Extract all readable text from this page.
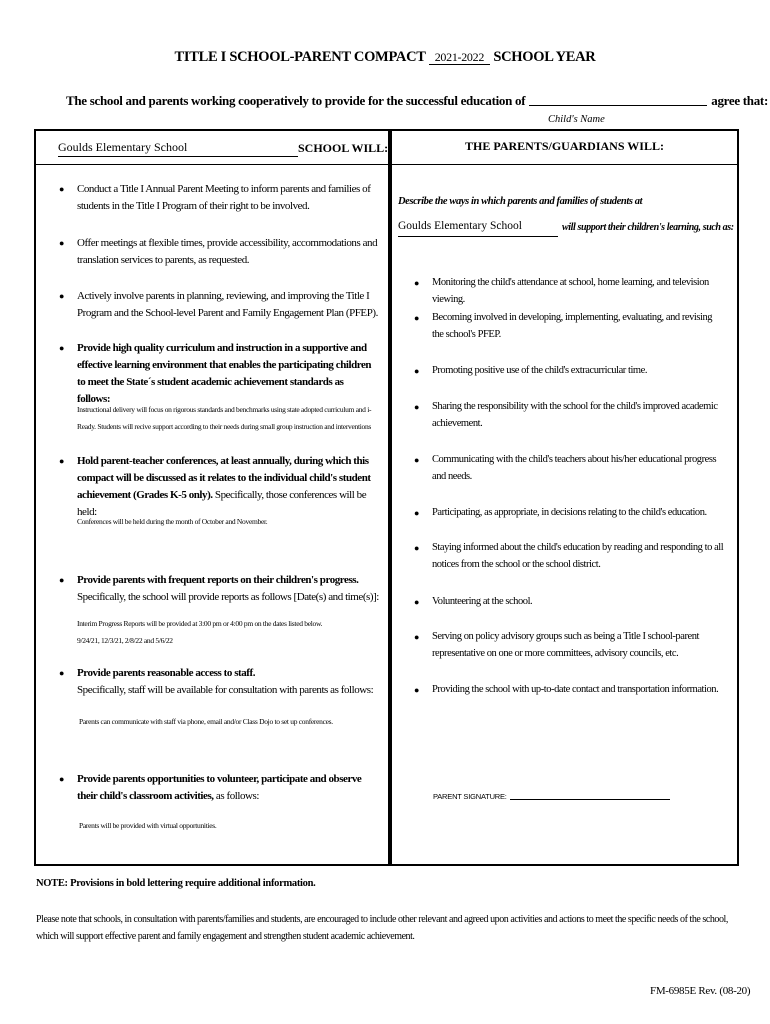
TITLE I SCHOOL-PARENT COMPACT 2021-2022 SCHOOL YEAR
The school and parents working cooperatively to provide for the successful education of	agree that:
Child's Name
Goulds Elementary School	SCHOOL WILL:	THE PARENTS/GUARDIANS WILL:
● Conduct a Title I Annual Parent Meeting to inform parents and families of students in the Title I Program of their right to be involved.
● Offer meetings at flexible times, provide accessibility, accommodations and translation services to parents, as requested.
● Actively involve parents in planning, reviewing, and improving the Title I Program and the School-level Parent and Family Engagement Plan (PFEP).
● Provide high quality curriculum and instruction in a supportive and effective learning environment that enables the participating children to meet the State´s student academic achievement standards as follows:
Instructional delivery will focus on rigorous standards and benchmarks using state adopted curriculum and i-Ready. Students will recive support according to their needs during small group instruction and interventions
● Hold parent-teacher conferences, at least annually, during which this compact will be discussed as it relates to the individual child's student achievement (Grades K-5 only). Specifically, those conferences will be held:
Conferences will be held during the month of October and November.
● Provide parents with frequent reports on their children's progress. Specifically, the school will provide reports as follows [Date(s) and time(s)]:
Interim Progress Reports will be provided at 3:00 pm or 4:00 pm on the dates listed below. 9/24/21, 12/3/21, 2/8/22 and 5/6/22
● Provide parents reasonable access to staff.
Specifically, staff will be available for consultation with parents as follows:
Parents can communicate with staff via phone, email and/or Class Dojo to set up conferences.
● Provide parents opportunities to volunteer, participate and observe their child's classroom activities, as follows:
Parents will be provided with virtual opportunities.
Describe the ways in which parents and families of students at
Goulds Elementary School	will support their children's learning, such as:
● Monitoring the child's attendance at school, home learning, and television viewing.
● Becoming involved in developing, implementing, evaluating, and revising the school's PFEP.
● Promoting positive use of the child's extracurricular time.
● Sharing the responsibility with the school for the child's improved academic achievement.
● Communicating with the child's teachers about his/her educational progress and needs.
● Participating, as appropriate, in decisions relating to the child's education.
● Staying informed about the child's education by reading and responding to all notices from the school or the school district.
● Volunteering at the school.
● Serving on policy advisory groups such as being a Title I school-parent representative on one or more committees, advisory councils, etc.
● Providing the school with up-to-date contact and transportation information.
PARENT SIGNATURE:
NOTE: Provisions in bold lettering require additional information.
Please note that schools, in consultation with parents/families and students, are encouraged to include other relevant and agreed upon activities and actions to meet the specific needs of the school, which will support effective parent and family engagement and strengthen student academic achievement.
FM-6985E Rev. (08-20)
